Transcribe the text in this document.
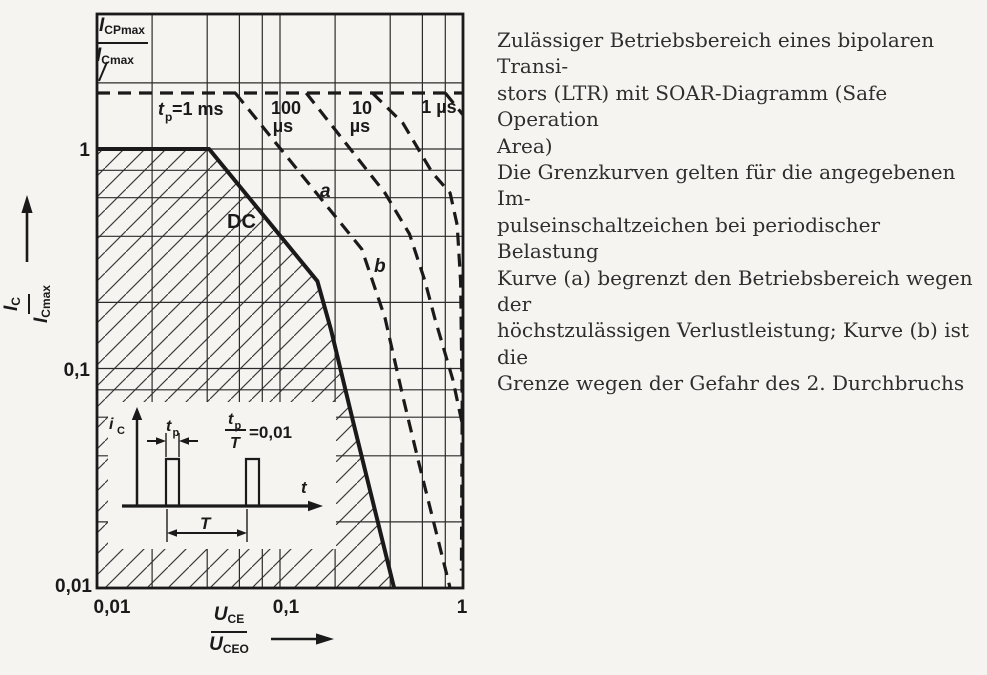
i C	t p
t p
T
=0,01
t
T
1
0,1
0,01
0,01	0,1	1
t p =1 ms	100
µs
10
µs
1 µs
DC
a
b
$I_{CPmax}$
$I_{Cmax}$
$I_C$
$I_{Cmax}$
$U_{CE}$
$U_{CEO}$
Zulässiger Betriebsbereich eines bipolaren Transi-
stors (LTR) mit SOAR-Diagramm (Safe Operation
Area)
Die Grenzkurven gelten für die angegebenen Im-
pulseinschaltzeichen bei periodischer Belastung
Kurve (a) begrenzt den Betriebsbereich wegen der
höchstzulässigen Verlustleistung; Kurve (b) ist die
Grenze wegen der Gefahr des 2. Durchbruchs
